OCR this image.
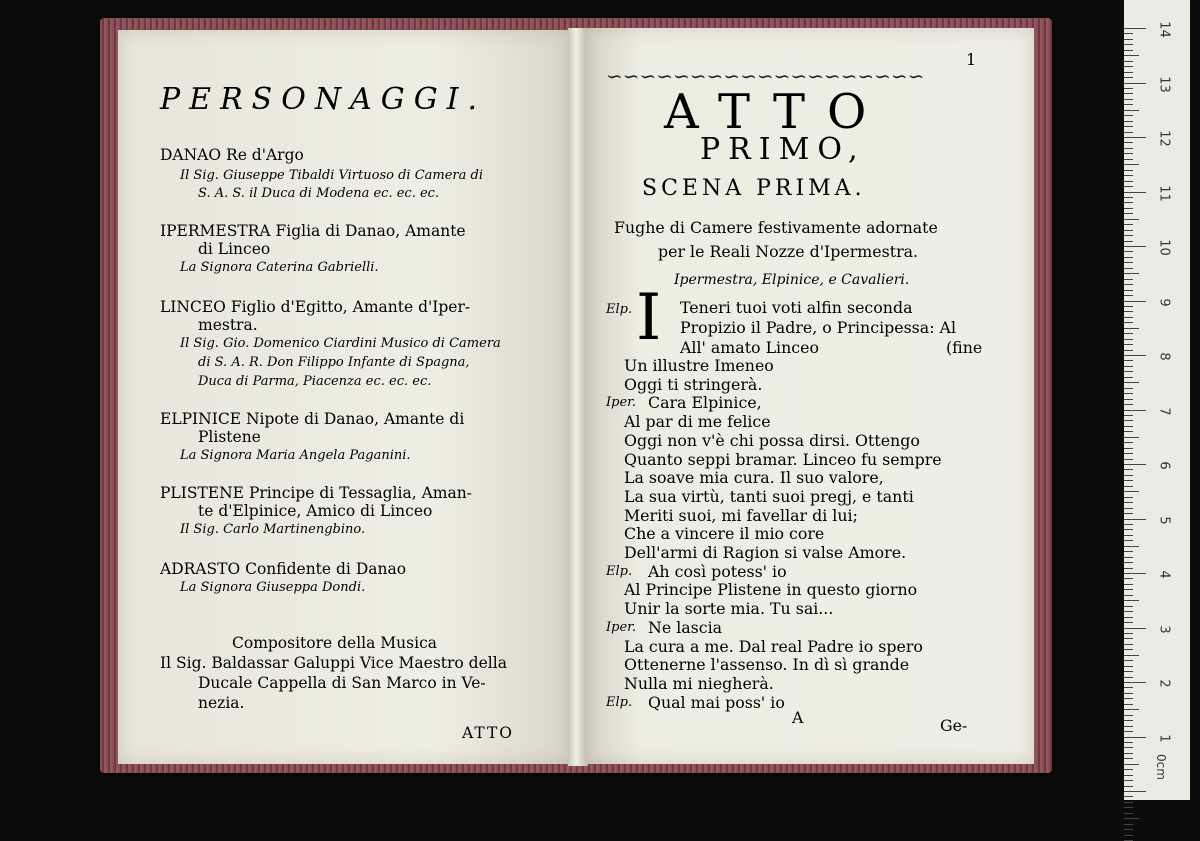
PERSONAGGI.
DANAO Re d'Argo
Il Sig. Giuseppe Tibaldi Virtuoso di Camera di
S. A. S. il Duca di Modena ec. ec. ec.
IPERMESTRA Figlia di Danao, Amante
di Linceo
La Signora Caterina Gabrielli.
LINCEO Figlio d'Egitto, Amante d'Iper-
mestra.
Il Sig. Gio. Domenico Ciardini Musico di Camera
di S. A. R. Don Filippo Infante di Spagna,
Duca di Parma, Piacenza ec. ec. ec.
ELPINICE Nipote di Danao, Amante di
Plistene
La Signora Maria Angela Paganini.
PLISTENE Principe di Tessaglia, Aman-
te d'Elpinice, Amico di Linceo
Il Sig. Carlo Martinengbino.
ADRASTO Confidente di Danao
La Signora Giuseppa Dondi.
Compositore della Musica
Il Sig. Baldassar Galuppi Vice Maestro della
Ducale Cappella di San Marco in Ve-
nezia.
ATTO
1
∽∽∽∽∽∽∽∽∽∽∽∽∽∽∽∽∽∽∽
ATTO
PRIMO,
SCENA PRIMA.
Fughe di Camere festivamente adornate
per le Reali Nozze d'Ipermestra.
Ipermestra, Elpinice, e Cavalieri.
Elp. I Teneri tuoi voti alfin seconda
Propizio il Padre, o Principessa: Al
All' amato Linceo	(fine
Un illustre Imeneo
Oggi ti stringerà.
Iper. Cara Elpinice,
Al par di me felice
Oggi non v'è chi possa dirsi. Ottengo
Quanto seppi bramar. Linceo fu sempre
La soave mia cura. Il suo valore,
La sua virtù, tanti suoi pregj, e tanti
Meriti suoi, mi favellar di lui;
Che a vincere il mio core
Dell'armi di Ragion si valse Amore.
Elp. Ah così potess' io
Al Principe Plistene in questo giorno
Unir la sorte mia. Tu sai...
Iper. Ne lascia
La cura a me. Dal real Padre io spero
Ottenerne l'assenso. In dì sì grande
Nulla mi niegherà.
Elp. Qual mai poss' io
A	Ge-
0cm
14
13
12
11
10
9
8
7
6
5
4
3
2
1
